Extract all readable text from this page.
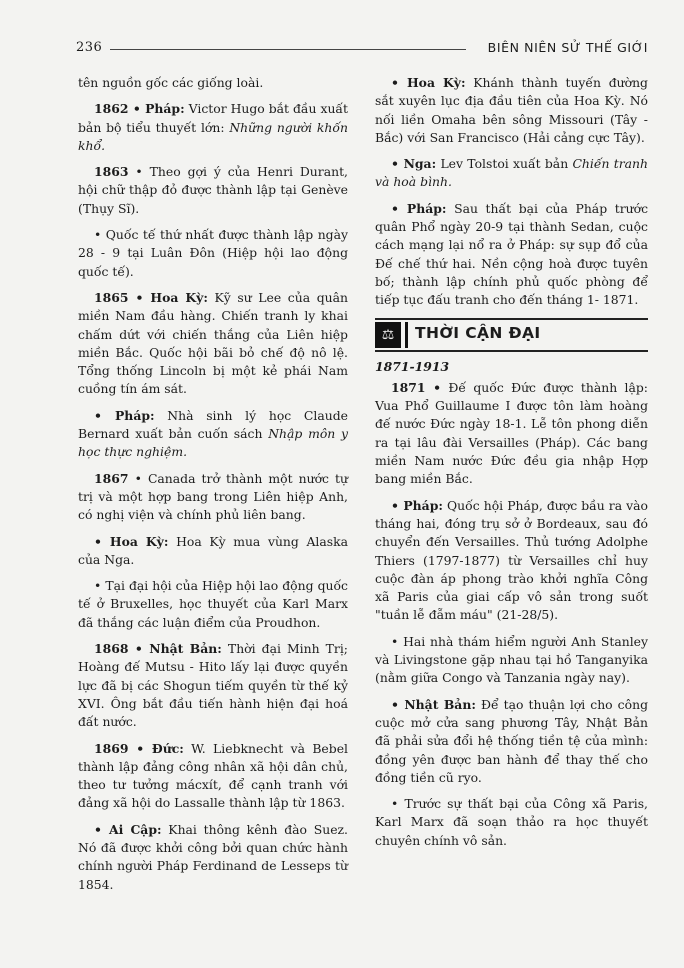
236	BIÊN NIÊN SỬ THẾ GIỚI

tên nguồn gốc các giống loài.

1862 • Pháp: Victor Hugo bắt đầu xuất bản bộ tiểu thuyết lớn: Những người khốn khổ.

1863 • Theo gợi ý của Henri Durant, hội chữ thập đỏ được thành lập tại Genève (Thụy Sĩ).

• Quốc tế thứ nhất được thành lập ngày 28 - 9 tại Luân Đôn (Hiệp hội lao động quốc tế).

1865 • Hoa Kỳ: Kỹ sư Lee của quân miền Nam đầu hàng. Chiến tranh ly khai chấm dứt với chiến thắng của Liên hiệp miền Bắc. Quốc hội bãi bỏ chế độ nô lệ. Tổng thống Lincoln bị một kẻ phái Nam cuồng tín ám sát.

• Pháp: Nhà sinh lý học Claude Bernard xuất bản cuốn sách Nhập môn y học thực nghiệm.

1867 • Canada trở thành một nước tự trị và một hợp bang trong Liên hiệp Anh, có nghị viện và chính phủ liên bang.

• Hoa Kỳ: Hoa Kỳ mua vùng Alaska của Nga.

• Tại đại hội của Hiệp hội lao động quốc tế ở Bruxelles, học thuyết của Karl Marx đã thắng các luận điểm của Proudhon.

1868 • Nhật Bản: Thời đại Minh Trị; Hoàng đế Mutsu - Hito lấy lại được quyền lực đã bị các Shogun tiếm quyền từ thế kỷ XVI. Ông bắt đầu tiến hành hiện đại hoá đất nước.

1869 • Đức: W. Liebknecht và Bebel thành lập đảng công nhân xã hội dân chủ, theo tư tưởng mácxít, để cạnh tranh với đảng xã hội do Lassalle thành lập từ 1863.

• Ai Cập: Khai thông kênh đào Suez. Nó đã được khởi công bởi quan chức hành chính người Pháp Ferdinand de Lesseps từ 1854.

• Hoa Kỳ: Khánh thành tuyến đường sắt xuyên lục địa đầu tiên của Hoa Kỳ. Nó nối liền Omaha bên sông Missouri (Tây - Bắc) với San Francisco (Hải cảng cực Tây).

• Nga: Lev Tolstoi xuất bản Chiến tranh và hoà bình.

• Pháp: Sau thất bại của Pháp trước quân Phổ ngày 20-9 tại thành Sedan, cuộc cách mạng lại nổ ra ở Pháp: sự sụp đổ của Đế chế thứ hai. Nền cộng hoà được tuyên bố; thành lập chính phủ quốc phòng để tiếp tục đấu tranh cho đến tháng 1- 1871.

⚖	THỜI CẬN ĐẠI
1871-1913

1871 • Đế quốc Đức được thành lập: Vua Phổ Guillaume I được tôn làm hoàng đế nước Đức ngày 18-1. Lễ tôn phong diễn ra tại lâu đài Versailles (Pháp). Các bang miền Nam nước Đức đều gia nhập Hợp bang miền Bắc.

• Pháp: Quốc hội Pháp, được bầu ra vào tháng hai, đóng trụ sở ở Bordeaux, sau đó chuyển đến Versailles. Thủ tướng Adolphe Thiers (1797-1877) từ Versailles chỉ huy cuộc đàn áp phong trào khởi nghĩa Công xã Paris của giai cấp vô sản trong suốt "tuần lễ đẫm máu" (21-28/5).

• Hai nhà thám hiểm người Anh Stanley và Livingstone gặp nhau tại hồ Tanganyika (nằm giữa Congo và Tanzania ngày nay).

• Nhật Bản: Để tạo thuận lợi cho công cuộc mở cửa sang phương Tây, Nhật Bản đã phải sửa đổi hệ thống tiền tệ của mình: đồng yên được ban hành để thay thế cho đồng tiền cũ ryo.

• Trước sự thất bại của Công xã Paris, Karl Marx đã soạn thảo ra học thuyết chuyên chính vô sản.
